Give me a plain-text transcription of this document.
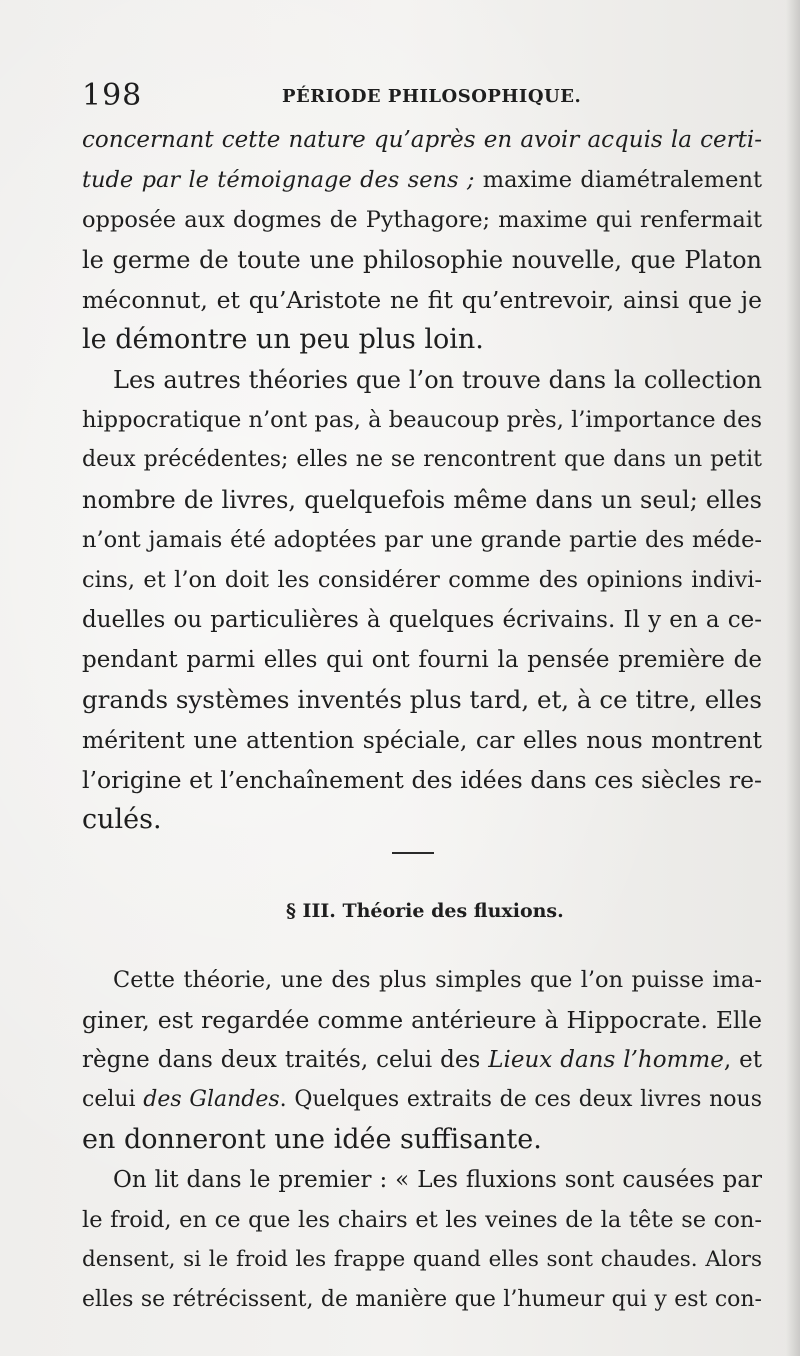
198	PÉRIODE PHILOSOPHIQUE.
concernant cette nature qu’après en avoir acquis la certi-
tude par le témoignage des sens ; maxime diamétralement
opposée aux dogmes de Pythagore; maxime qui renfermait
le germe de toute une philosophie nouvelle, que Platon
méconnut, et qu’Aristote ne fit qu’entrevoir, ainsi que je
le démontre un peu plus loin.
Les autres théories que l’on trouve dans la collection
hippocratique n’ont pas, à beaucoup près, l’importance des
deux précédentes; elles ne se rencontrent que dans un petit
nombre de livres, quelquefois même dans un seul; elles
n’ont jamais été adoptées par une grande partie des méde-
cins, et l’on doit les considérer comme des opinions indivi-
duelles ou particulières à quelques écrivains. Il y en a ce-
pendant parmi elles qui ont fourni la pensée première de
grands systèmes inventés plus tard, et, à ce titre, elles
méritent une attention spéciale, car elles nous montrent
l’origine et l’enchaînement des idées dans ces siècles re-
culés.
§ III. Théorie des fluxions.
Cette théorie, une des plus simples que l’on puisse ima-
giner, est regardée comme antérieure à Hippocrate. Elle
règne dans deux traités, celui des Lieux dans l’homme, et
celui des Glandes. Quelques extraits de ces deux livres nous
en donneront une idée suffisante.
On lit dans le premier : « Les fluxions sont causées par
le froid, en ce que les chairs et les veines de la tête se con-
densent, si le froid les frappe quand elles sont chaudes. Alors
elles se rétrécissent, de manière que l’humeur qui y est con-
